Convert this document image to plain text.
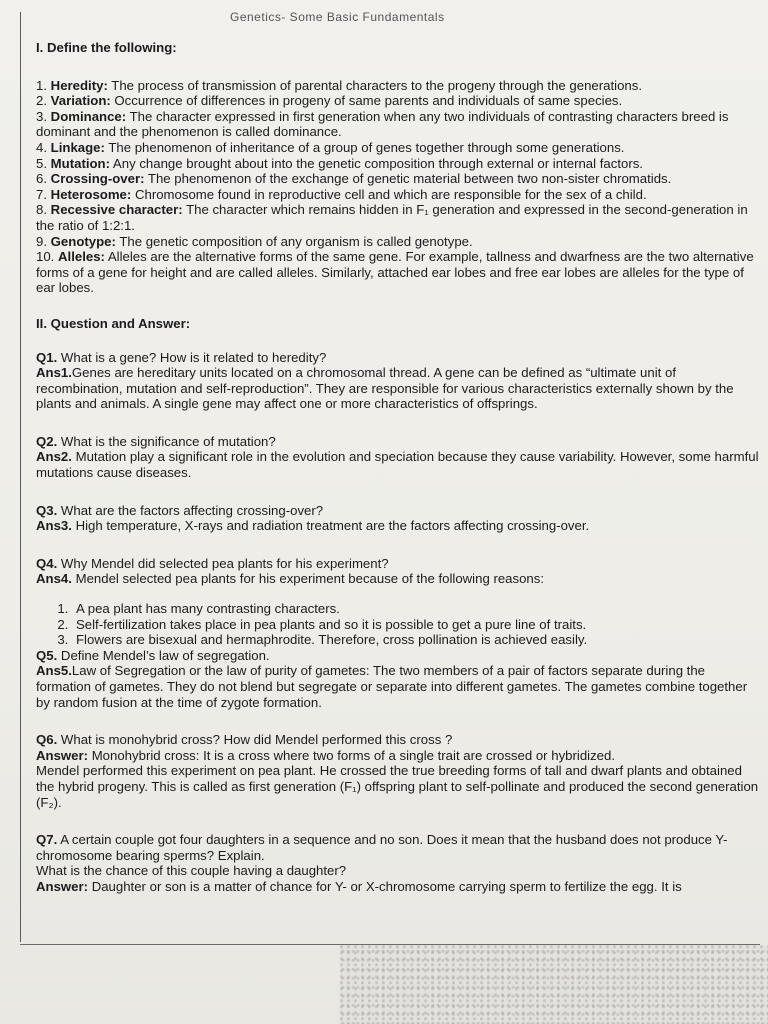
Genetics- Some Basic Fundamentals
I. Define the following:

1. Heredity: The process of transmission of parental characters to the progeny through the generations.

2. Variation: Occurrence of differences in progeny of same parents and individuals of same species.

3. Dominance: The character expressed in first generation when any two individuals of contrasting characters breed is dominant and the phenomenon is called dominance.

4. Linkage: The phenomenon of inheritance of a group of genes together through some generations.

5. Mutation: Any change brought about into the genetic composition through external or internal factors.

6. Crossing-over: The phenomenon of the exchange of genetic material between two non-sister chromatids.

7. Heterosome: Chromosome found in reproductive cell and which are responsible for the sex of a child.

8. Recessive character: The character which remains hidden in F₁ generation and expressed in the second-generation in the ratio of 1:2:1.

9. Genotype: The genetic composition of any organism is called genotype.

10. Alleles: Alleles are the alternative forms of the same gene. For example, tallness and dwarfness are the two alternative forms of a gene for height and are called alleles. Similarly, attached ear lobes and free ear lobes are alleles for the type of ear lobes.

II. Question and Answer:

Q1. What is a gene? How is it related to heredity?

Ans1.Genes are hereditary units located on a chromosomal thread. A gene can be defined as “ultimate unit of recombination, mutation and self-reproduction”. They are responsible for various characteristics externally shown by the plants and animals. A single gene may affect one or more characteristics of offsprings.

Q2. What is the significance of mutation?

Ans2. Mutation play a significant role in the evolution and speciation because they cause variability. However, some harmful mutations cause diseases.

Q3. What are the factors affecting crossing-over?

Ans3. High temperature, X-rays and radiation treatment are the factors affecting crossing-over.

Q4. Why Mendel did selected pea plants for his experiment?

Ans4. Mendel selected pea plants for his experiment because of the following reasons:

1. A pea plant has many contrasting characters.
2. Self-fertilization takes place in pea plants and so it is possible to get a pure line of traits.
3. Flowers are bisexual and hermaphrodite. Therefore, cross pollination is achieved easily.

Q5. Define Mendel’s law of segregation.

Ans5.Law of Segregation or the law of purity of gametes: The two members of a pair of factors separate during the formation of gametes. They do not blend but segregate or separate into different gametes. The gametes combine together by random fusion at the time of zygote formation.

Q6. What is monohybrid cross? How did Mendel performed this cross ?

Answer: Monohybrid cross: It is a cross where two forms of a single trait are crossed or hybridized.

Mendel performed this experiment on pea plant. He crossed the true breeding forms of tall and dwarf plants and obtained the hybrid progeny. This is called as first generation (F₁) offspring plant to self-pollinate and produced the second generation (F₂).

Q7. A certain couple got four daughters in a sequence and no son. Does it mean that the husband does not produce Y-chromosome bearing sperms? Explain.

What is the chance of this couple having a daughter?

Answer: Daughter or son is a matter of chance for Y- or X-chromosome carrying sperm to fertilize the egg. It is
